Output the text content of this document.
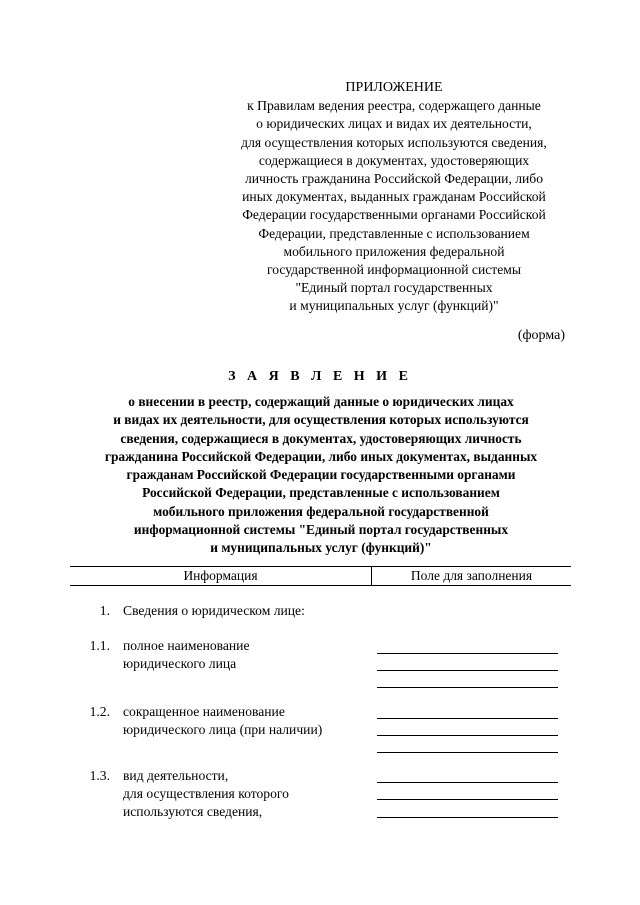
ПРИЛОЖЕНИЕ
к Правилам ведения реестра, содержащего данные
о юридических лицах и видах их деятельности,
для осуществления которых используются сведения,
содержащиеся в документах, удостоверяющих
личность гражданина Российской Федерации, либо
иных документах, выданных гражданам Российской
Федерации государственными органами Российской
Федерации, представленные с использованием
мобильного приложения федеральной
государственной информационной системы
"Единый портал государственных
и муниципальных услуг (функций)"
(форма)
З А Я В Л Е Н И Е
о внесении в реестр, содержащий данные о юридических лицах
и видах их деятельности, для осуществления которых используются
сведения, содержащиеся в документах, удостоверяющих личность
гражданина Российской Федерации, либо иных документах, выданных
гражданам Российской Федерации государственными органами
Российской Федерации, представленные с использованием
мобильного приложения федеральной государственной
информационной системы "Единый портал государственных
и муниципальных услуг (функций)"
Информация	Поле для заполнения
1. Сведения о юридическом лице:
1.1. полное наименование
юридического лица
1.2. сокращенное наименование
юридического лица (при наличии)
1.3. вид деятельности,
для осуществления которого
используются сведения,
